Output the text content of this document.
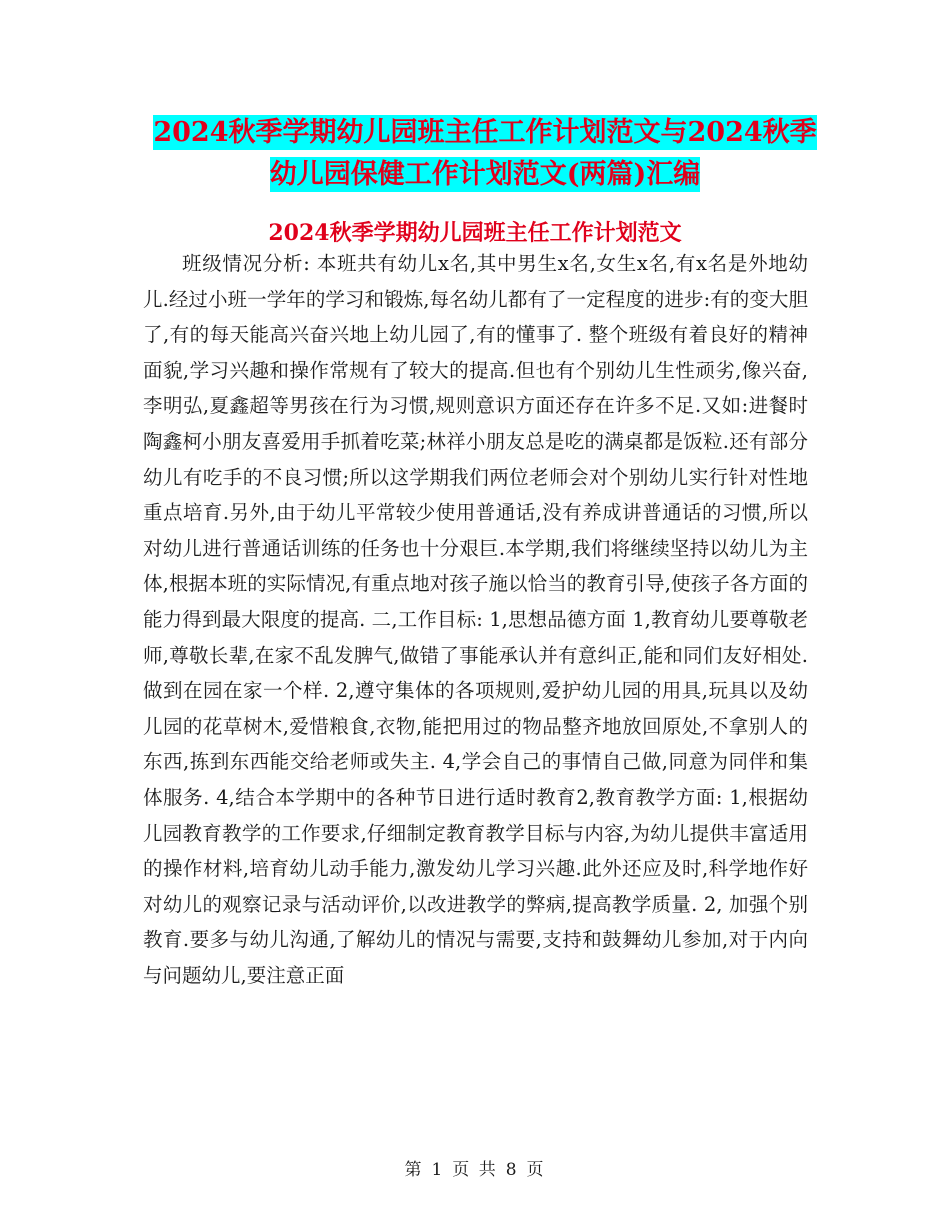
2024秋季学期幼儿园班主任工作计划范文与2024秋季
幼儿园保健工作计划范文(两篇)汇编
2024秋季学期幼儿园班主任工作计划范文

班级情况分析: 本班共有幼儿x名,其中男生x名,女生x名,有x名是外地幼儿.经过小班一学年的学习和锻炼,每名幼儿都有了一定程度的进步:有的变大胆了,有的每天能高兴奋兴地上幼儿园了,有的懂事了. 整个班级有着良好的精神面貌,学习兴趣和操作常规有了较大的提高.但也有个别幼儿生性顽劣,像兴奋,李明弘,夏鑫超等男孩在行为习惯,规则意识方面还存在许多不足.又如:进餐时陶鑫柯小朋友喜爱用手抓着吃菜;林祥小朋友总是吃的满桌都是饭粒.还有部分幼儿有吃手的不良习惯;所以这学期我们两位老师会对个别幼儿实行针对性地重点培育.另外,由于幼儿平常较少使用普通话,没有养成讲普通话的习惯,所以对幼儿进行普通话训练的任务也十分艰巨.本学期,我们将继续坚持以幼儿为主体,根据本班的实际情况,有重点地对孩子施以恰当的教育引导,使孩子各方面的能力得到最大限度的提高. 二,工作目标: 1,思想品德方面 1,教育幼儿要尊敬老师,尊敬长辈,在家不乱发脾气,做错了事能承认并有意纠正,能和同们友好相处.做到在园在家一个样. 2,遵守集体的各项规则,爱护幼儿园的用具,玩具以及幼儿园的花草树木,爱惜粮食,衣物,能把用过的物品整齐地放回原处,不拿别人的东西,拣到东西能交给老师或失主. 4,学会自己的事情自己做,同意为同伴和集体服务. 4,结合本学期中的各种节日进行适时教育2,教育教学方面: 1,根据幼儿园教育教学的工作要求,仔细制定教育教学目标与内容,为幼儿提供丰富适用的操作材料,培育幼儿动手能力,激发幼儿学习兴趣.此外还应及时,科学地作好对幼儿的观察记录与活动评价,以改进教学的弊病,提高教学质量. 2, 加强个别教育.要多与幼儿沟通,了解幼儿的情况与需要,支持和鼓舞幼儿参加,对于内向与问题幼儿,要注意正面

第 1 页 共 8 页
